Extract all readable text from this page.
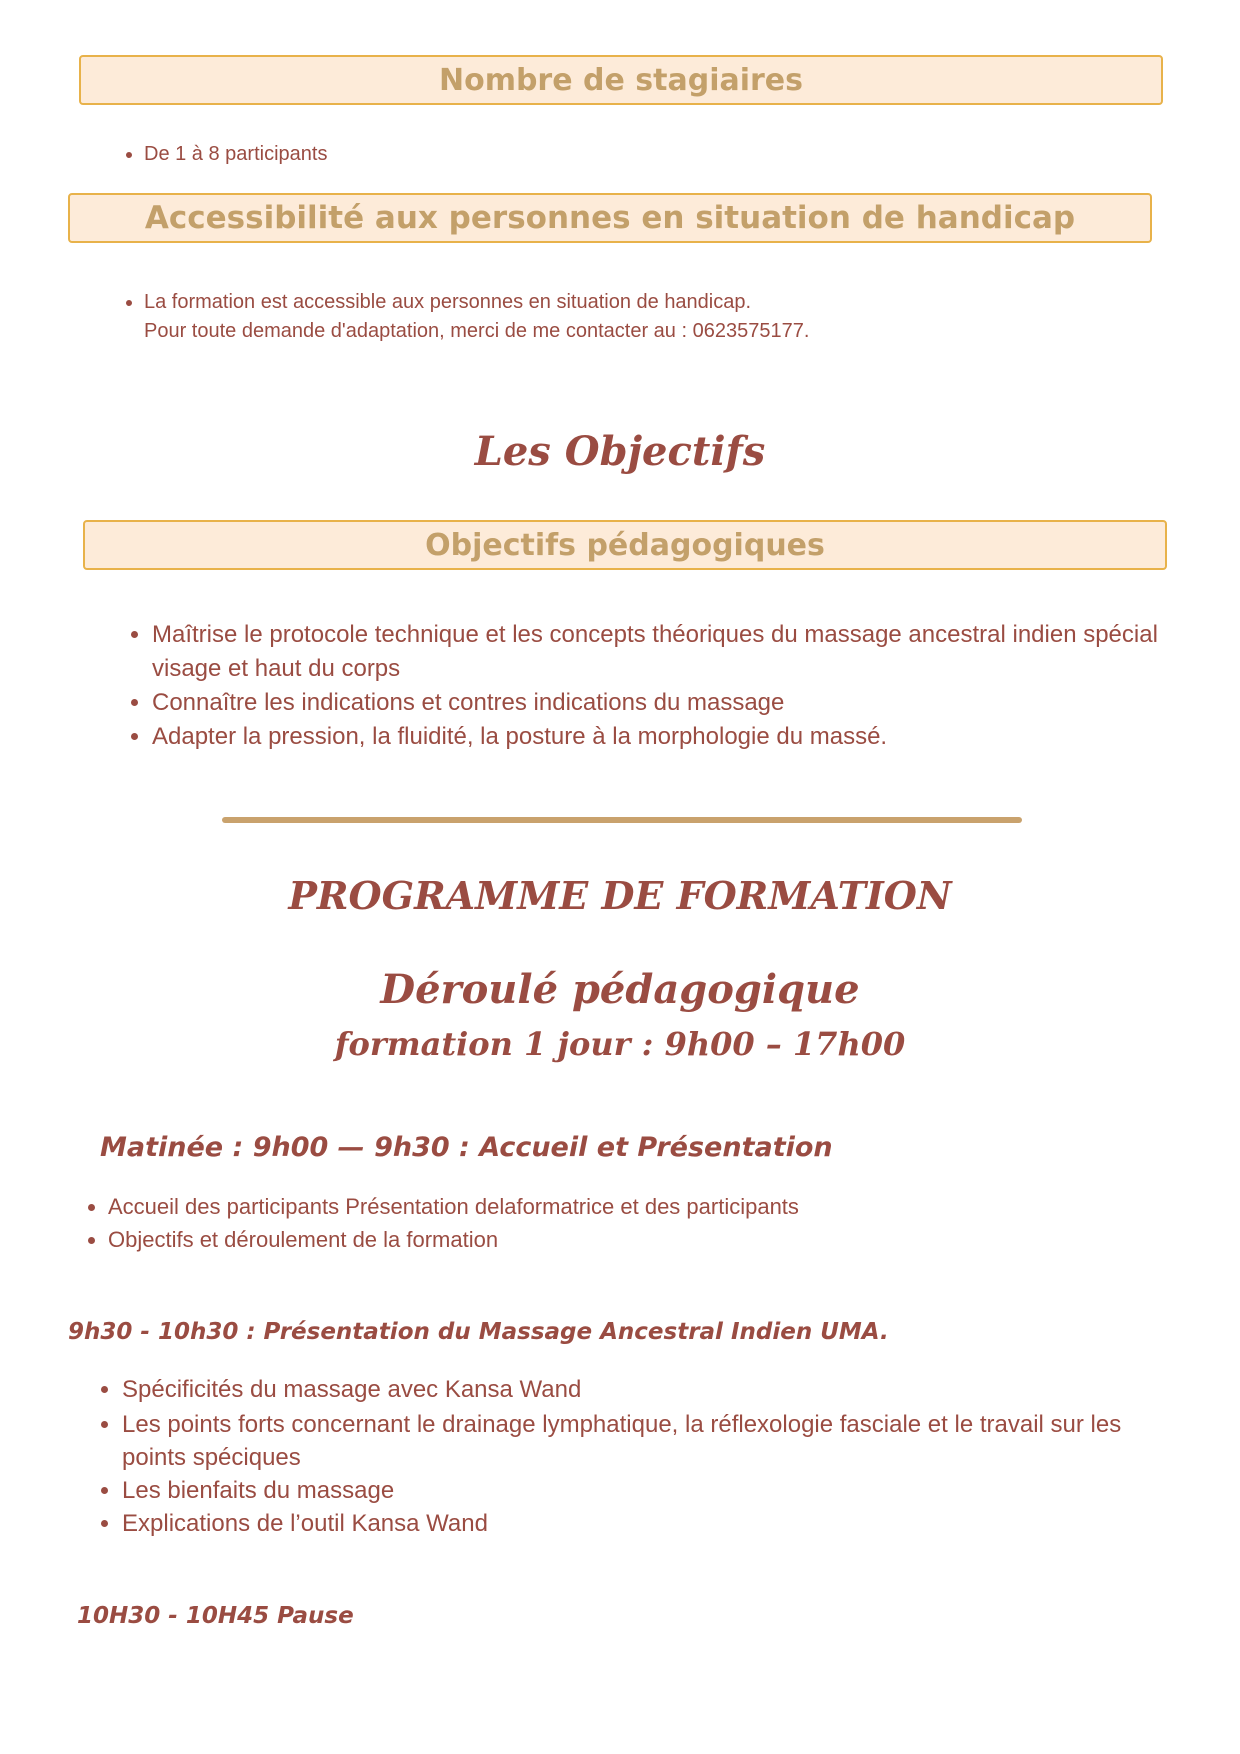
Nombre de stagiaires
• De 1 à 8 participants
Accessibilité aux personnes en situation de handicap
• La formation est accessible aux personnes en situation de handicap.
Pour toute demande d'adaptation, merci de me contacter au : 0623575177.
Les Objectifs
Objectifs pédagogiques
• Maîtrise le protocole technique et les concepts théoriques du massage ancestral indien spécial visage et haut du corps
• Connaître les indications et contres indications du massage
• Adapter la pression, la fluidité, la posture à la morphologie du massé.
PROGRAMME DE FORMATION
Déroulé pédagogique
formation 1 jour : 9h00 – 17h00
Matinée : 9h00 — 9h30 : Accueil et Présentation
• Accueil des participants Présentation delaformatrice et des participants
• Objectifs et déroulement de la formation
9h30 - 10h30 : Présentation du Massage Ancestral Indien UMA.
• Spécificités du massage avec Kansa Wand
• Les points forts concernant le drainage lymphatique, la réflexologie fasciale et le travail sur les points spéciques
• Les bienfaits du massage
• Explications de l’outil Kansa Wand
10H30 - 10H45 Pause
